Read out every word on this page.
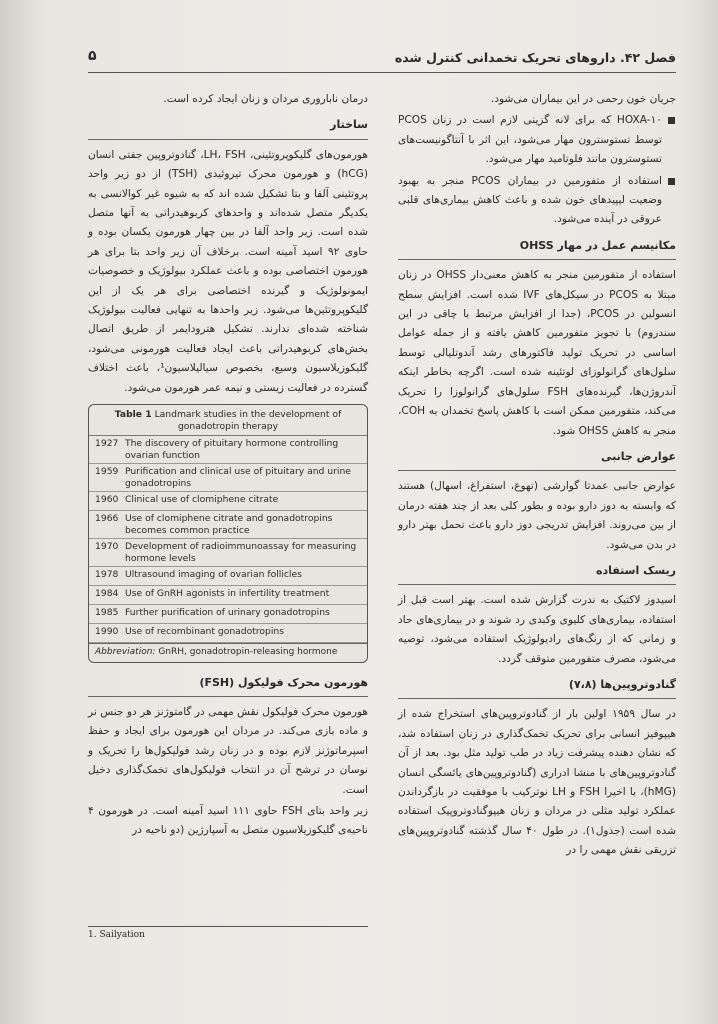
فصل ۴۲. داروهای تحریک تخمدانی کنترل شده
۵

جریان خون رحمی در این بیماران می‌شود.

HOXA-۱۰ که برای لانه گزینی لازم است در زنان PCOS توسط تستوسترون مهار می‌شود، این اثر با آنتاگونیست‌های تستوسترون مانند فلوتامید مهار می‌شود.
استفاده از متفورمین در بیماران PCOS منجر به بهبود وضعیت لیپیدهای خون شده و باعث کاهش بیماری‌های قلبی عروقی در آینده می‌شود.
مکانیسم عمل در مهار OHSS

استفاده از متفورمین منجر به کاهش معنی‌دار OHSS در زنان مبتلا به PCOS در سیکل‌های IVF شده است. افزایش سطح انسولین در PCOS، (جدا از افزایش مرتبط با چاقی در این سندروم) با تجویز متفورمین کاهش یافته و از جمله عوامل اساسی در تحریک تولید فاکتورهای رشد آندوتلیالی توسط سلول‌های گرانولوزای لوتئینه شده است. اگرچه بخاطر اینکه آندروژن‌ها، گیرنده‌های FSH سلول‌های گرانولوزا را تحریک می‌کند، متفورمین ممکن است با کاهش پاسخ تخمدان به COH، منجر به کاهش OHSS شود.

عوارض جانبی

عوارض جانبی عمدتا گوارشی (تهوع، استفراغ، اسهال) هستند که وابسته به دوز دارو بوده و بطور کلی بعد از چند هفته درمان از بین می‌روند. افزایش تدریجی دوز دارو باعث تحمل بهتر دارو در بدن می‌شود.

ریسک استفاده

اسیدوز لاکتیک به ندرت گزارش شده است. بهتر است قبل از استفاده، بیماری‌های کلیوی وکبدی رد شوند و در بیماری‌های حاد و زمانی که از رنگ‌های رادیولوژیک استفاده می‌شود، توصیه می‌شود، مصرف متفورمین متوقف گردد.

گنادوتروپین‌ها (۷،۸)

در سال ۱۹۵۹ اولین بار از گنادوتروپین‌های استخراج شده از هیپوفیز انسانی برای تحریک تخمک‌گذاری در زنان استفاده شد، که نشان دهنده پیشرفت زیاد در طب تولید مثل بود. بعد از آن گنادوتروپین‌های با منشا ادراری (گنادوتروپین‌های یائسگی انسان (hMG)، با اخیرا FSH و LH نوترکیب با موفقیت در بازگرداندن عملکرد تولید مثلی در مردان و زنان هیپوگنادوتروپیک استفاده شده است (جدول۱). در طول ۴۰ سال گذشته گنادوتروپین‌های تزریقی نقش مهمی را در

درمان ناباروری مردان و زنان ایجاد کرده است.

ساختار

هورمون‌های گلیکوپروتئینی، LH، FSH، گنادوتروپین جفتی انسان (hCG) و هورمون محرک تیروئیدی (TSH) از دو زیر واحد پروتئینی آلفا و بتا تشکیل شده اند که به شیوه غیر کوالانسی به یکدیگر متصل شده‌اند و واحدهای کربوهیدراتی به آنها متصل شده است. زیر واحد آلفا در بین چهار هورمون یکسان بوده و حاوی ۹۲ اسید آمینه است. برخلاف آن زیر واحد بتا برای هر هورمون اختصاصی بوده و باعث عملکرد بیولوژیک و خصوصیات ایمونولوژیک و گیرنده اختصاصی برای هر یک از این گلیکوپروتئین‌ها می‌شود. زیر واحدها به تنهایی فعالیت بیولوژیک شناخته شده‌ای ندارند. تشکیل هترودایمر از طریق اتصال بخش‌های کربوهیدراتی باعث ایجاد فعالیت هورمونی می‌شود، گلیکوزیلاسیون وسیع، بخصوص سیالیلاسیون¹، باعث اختلاف گسترده در فعالیت زیستی و نیمه عمر هورمون می‌شود.

Table 1 Landmark studies in the development of gonadotropin therapy
1927 The discovery of pituitary hormone controlling ovarian function
1959 Purification and clinical use of pituitary and urine gonadotropins
1960 Clinical use of clomiphene citrate
1966 Use of clomiphene citrate and gonadotropins becomes common practice
1970 Development of radioimmunoassay for measuring hormone levels
1978 Ultrasound imaging of ovarian follicles
1984 Use of GnRH agonists in infertility treatment
1985 Further purification of urinary gonadotropins
1990 Use of recombinant gonadotropins
Abbreviation: GnRH, gonadotropin-releasing hormone
هورمون محرک فولیکول (FSH)

هورمون محرک فولیکول نقش مهمی در گامتوژنز هر دو جنس نر و ماده بازی می‌کند. در مردان این هورمون برای ایجاد و حفظ اسپرماتوژنز لازم بوده و در زنان رشد فولیکول‌ها را تحریک و نوسان در ترشح آن در انتخاب فولیکول‌های تخمک‌گذاری دخیل است.

زیر واحد بتای FSH حاوی ۱۱۱ اسید آمینه است. در هورمون ۴ ناحیه‌ی گلیکوزیلاسیون متصل به آسپارژین (دو ناحیه در

1. Sailyation
